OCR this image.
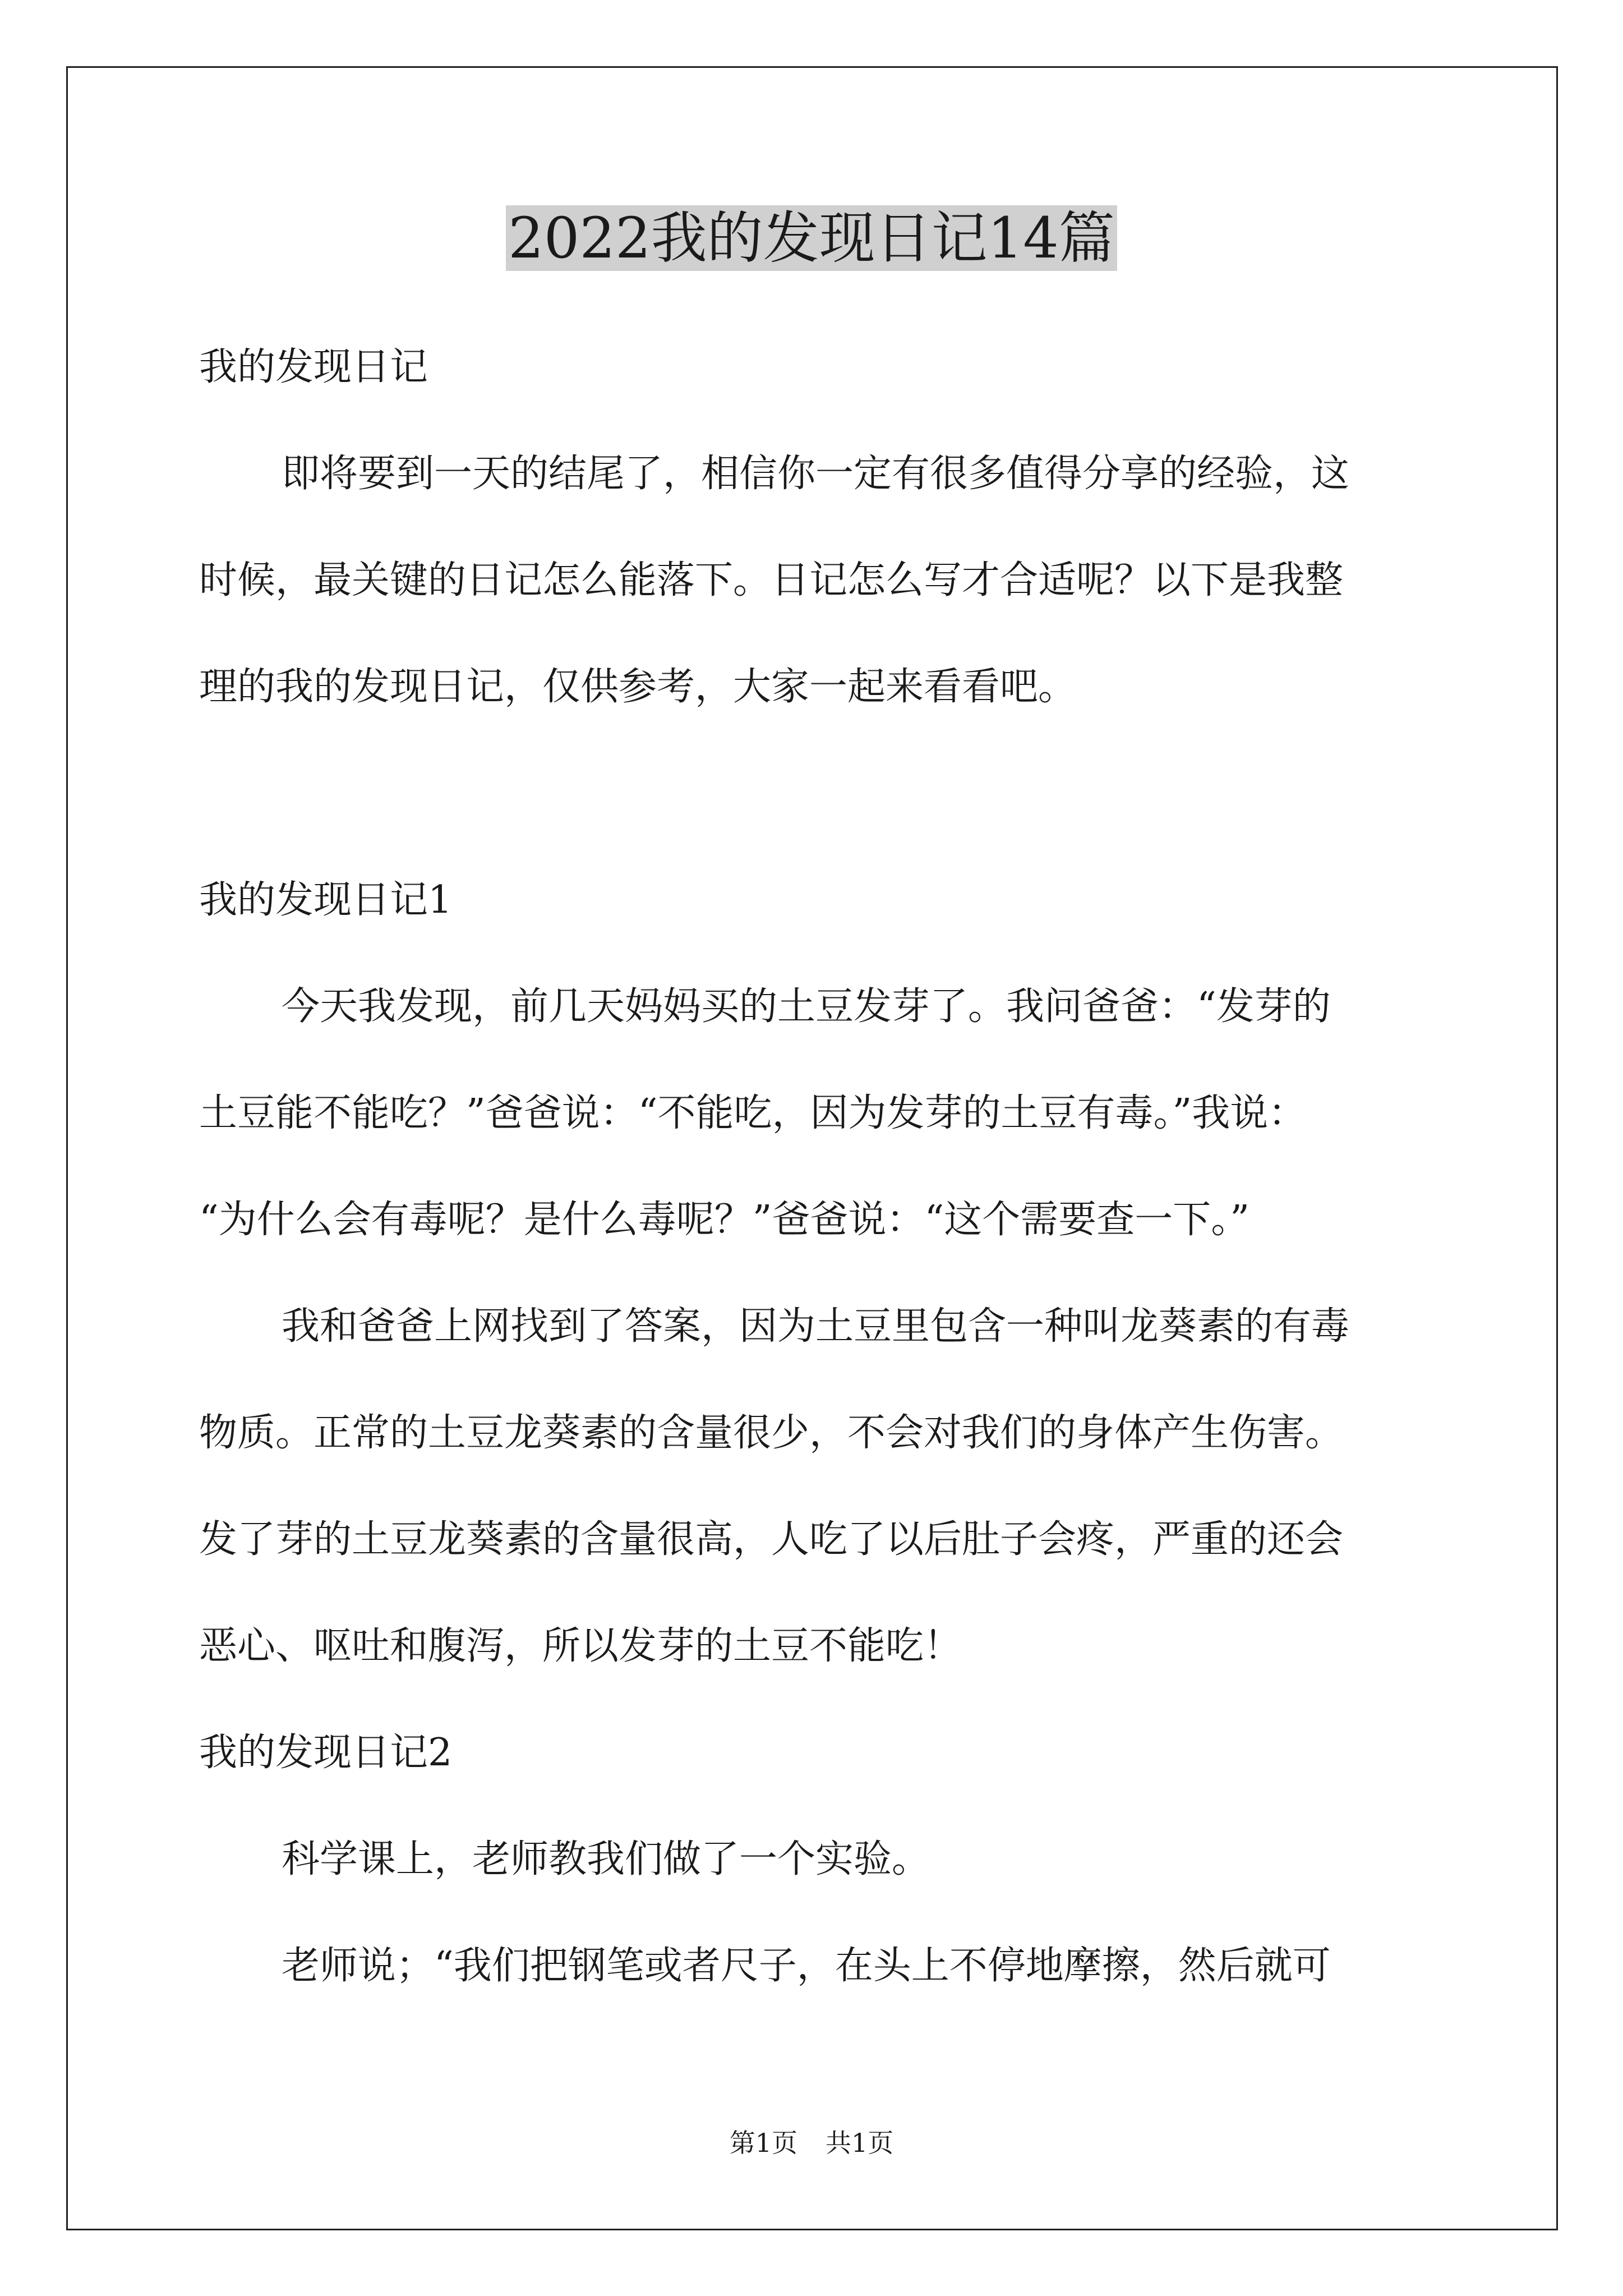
2022我的发现日记14篇

我的发现日记

即将要到一天的结尾了，相信你一定有很多值得分享的经验，这

时候，最关键的日记怎么能落下。日记怎么写才合适呢？以下是我整

理的我的发现日记，仅供参考，大家一起来看看吧。

我的发现日记1

今天我发现，前几天妈妈买的土豆发芽了。我问爸爸：“发芽的

土豆能不能吃？”爸爸说：“不能吃，因为发芽的土豆有毒。”我说：

“为什么会有毒呢？是什么毒呢？”爸爸说：“这个需要查一下。”

我和爸爸上网找到了答案，因为土豆里包含一种叫龙葵素的有毒

物质。正常的土豆龙葵素的含量很少，不会对我们的身体产生伤害。

发了芽的土豆龙葵素的含量很高，人吃了以后肚子会疼，严重的还会

恶心、呕吐和腹泻，所以发芽的土豆不能吃！

我的发现日记2

科学课上，老师教我们做了一个实验。

老师说；“我们把钢笔或者尺子，在头上不停地摩擦，然后就可

第1页 共1页
